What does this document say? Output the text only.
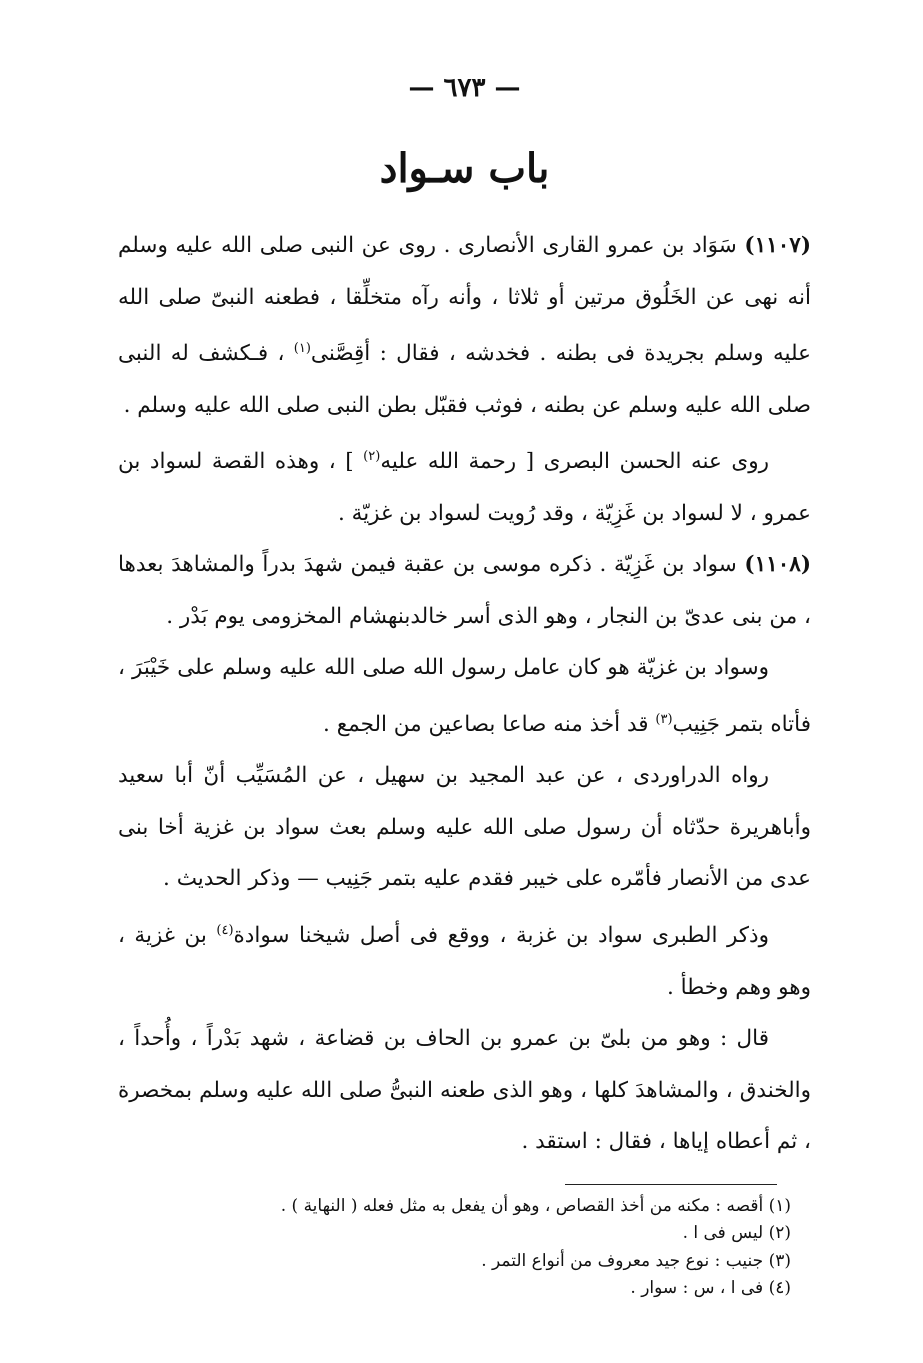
— ٦٧٣ —
باب سـواد

(١١٠٧) سَوَاد بن عمرو القارى الأنصارى . روى عن النبى صلى الله عليه وسلم أنه نهى عن الخَلُوق مرتين أو ثلاثا ، وأنه رآه متخلِّقا ، فطعنه النبىّ صلى الله عليه وسلم بجريدة فى بطنه . فخدشه ، فقال : أقِصَّنى$^{(١)}$ ، فـكشف له النبى صلى الله عليه وسلم عن بطنه ، فوثب فقبّل بطن النبى صلى الله عليه وسلم .

روى عنه الحسن البصرى [ رحمة الله عليه$^{(٢)}$ ] ، وهذه القصة لسواد بن عمرو ، لا لسواد بن غَزِيّة ، وقد رُويت لسواد بن غزيّة .

(١١٠٨) سواد بن غَزِيّة . ذكره موسى بن عقبة فيمن شهدَ بدراً والمشاهدَ بعدها ، من بنى عدىّ بن النجار ، وهو الذى أسر خالدبنهشام المخزومى يوم بَدْر .

وسواد بن غزيّة هو كان عامل رسول الله صلى الله عليه وسلم على خَيْبَرَ ، فأتاه بتمر جَنِيب$^{(٣)}$ قد أخذ منه صاعا بصاعين من الجمع .

رواه الدراوردى ، عن عبد المجيد بن سهيل ، عن المُسَيِّب أنّ أبا سعيد وأباهريرة حدّثاه أن رسول صلى الله عليه وسلم بعث سواد بن غزية أخا بنى عدى من الأنصار فأمّره على خيبر فقدم عليه بتمر جَنِيب — وذكر الحديث .

وذكر الطبرى سواد بن غزبة ، ووقع فى أصل شيخنا سوادة$^{(٤)}$ بن غزية ، وهو وهم وخطأ .

قال : وهو من بلىّ بن عمرو بن الحاف بن قضاعة ، شهد بَدْراً ، وأُحداً ، والخندق ، والمشاهدَ كلها ، وهو الذى طعنه النبىُّ صلى الله عليه وسلم بمخصرة ، ثم أعطاه إياها ، فقال : استقد .

(١) أقصه : مكنه من أخذ القصاص ، وهو أن يفعل به مثل فعله ( النهاية ) .

(٢) ليس فى ا .

(٣) جنيب : نوع جيد معروف من أنواع التمر .

(٤) فى ا ، س : سوار .
